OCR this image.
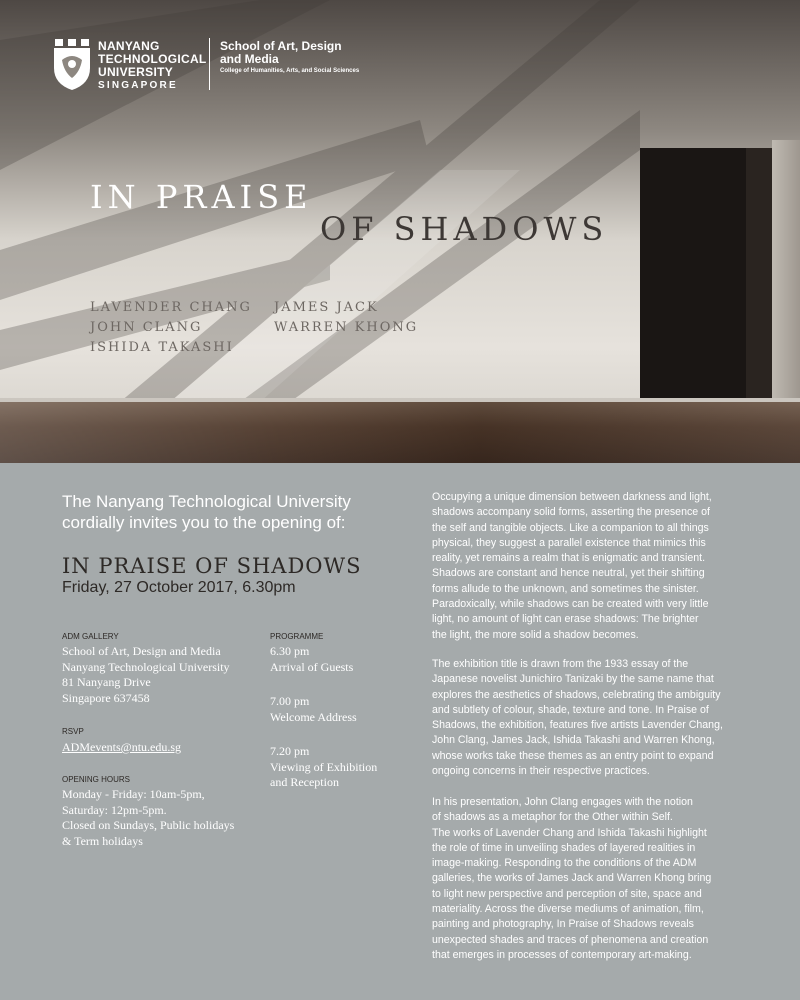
NANYANG
TECHNOLOGICAL
UNIVERSITY
SINGAPORE
School of Art, Design
and Media
College of Humanities, Arts, and Social Sciences
IN PRAISE
OF SHADOWS
LAVENDER CHANG
JOHN CLANG
ISHIDA TAKASHI
JAMES JACK
WARREN KHONG
The Nanyang Technological University
cordially invites you to the opening of:
IN PRAISE OF SHADOWS
Friday, 27 October 2017, 6.30pm
ADM GALLERY
School of Art, Design and Media
Nanyang Technological University
81 Nanyang Drive
Singapore 637458
RSVP
ADMevents@ntu.edu.sg
OPENING HOURS
Monday - Friday: 10am-5pm,
Saturday: 12pm-5pm.
Closed on Sundays, Public holidays
& Term holidays
PROGRAMME
6.30 pm
Arrival of Guests
7.00 pm
Welcome Address
7.20 pm
Viewing of Exhibition
and Reception

Occupying a unique dimension between darkness and light,

shadows accompany solid forms, asserting the presence of

the self and tangible objects. Like a companion to all things

physical, they suggest a parallel existence that mimics this

reality, yet remains a realm that is enigmatic and transient.

Shadows are constant and hence neutral, yet their shifting

forms allude to the unknown, and sometimes the sinister.

Paradoxically, while shadows can be created with very little

light, no amount of light can erase shadows: The brighter

the light, the more solid a shadow becomes.

The exhibition title is drawn from the 1933 essay of the

Japanese novelist Junichiro Tanizaki by the same name that

explores the aesthetics of shadows, celebrating the ambiguity

and subtlety of colour, shade, texture and tone. In Praise of

Shadows, the exhibition, features five artists Lavender Chang,

John Clang, James Jack, Ishida Takashi and Warren Khong,

whose works take these themes as an entry point to expand

ongoing concerns in their respective practices.

In his presentation, John Clang engages with the notion

of shadows as a metaphor for the Other within Self.

The works of Lavender Chang and Ishida Takashi highlight

the role of time in unveiling shades of layered realities in

image-making. Responding to the conditions of the ADM

galleries, the works of James Jack and Warren Khong bring

to light new perspective and perception of site, space and

materiality. Across the diverse mediums of animation, film,

painting and photography, In Praise of Shadows reveals

unexpected shades and traces of phenomena and creation

that emerges in processes of contemporary art-making.
